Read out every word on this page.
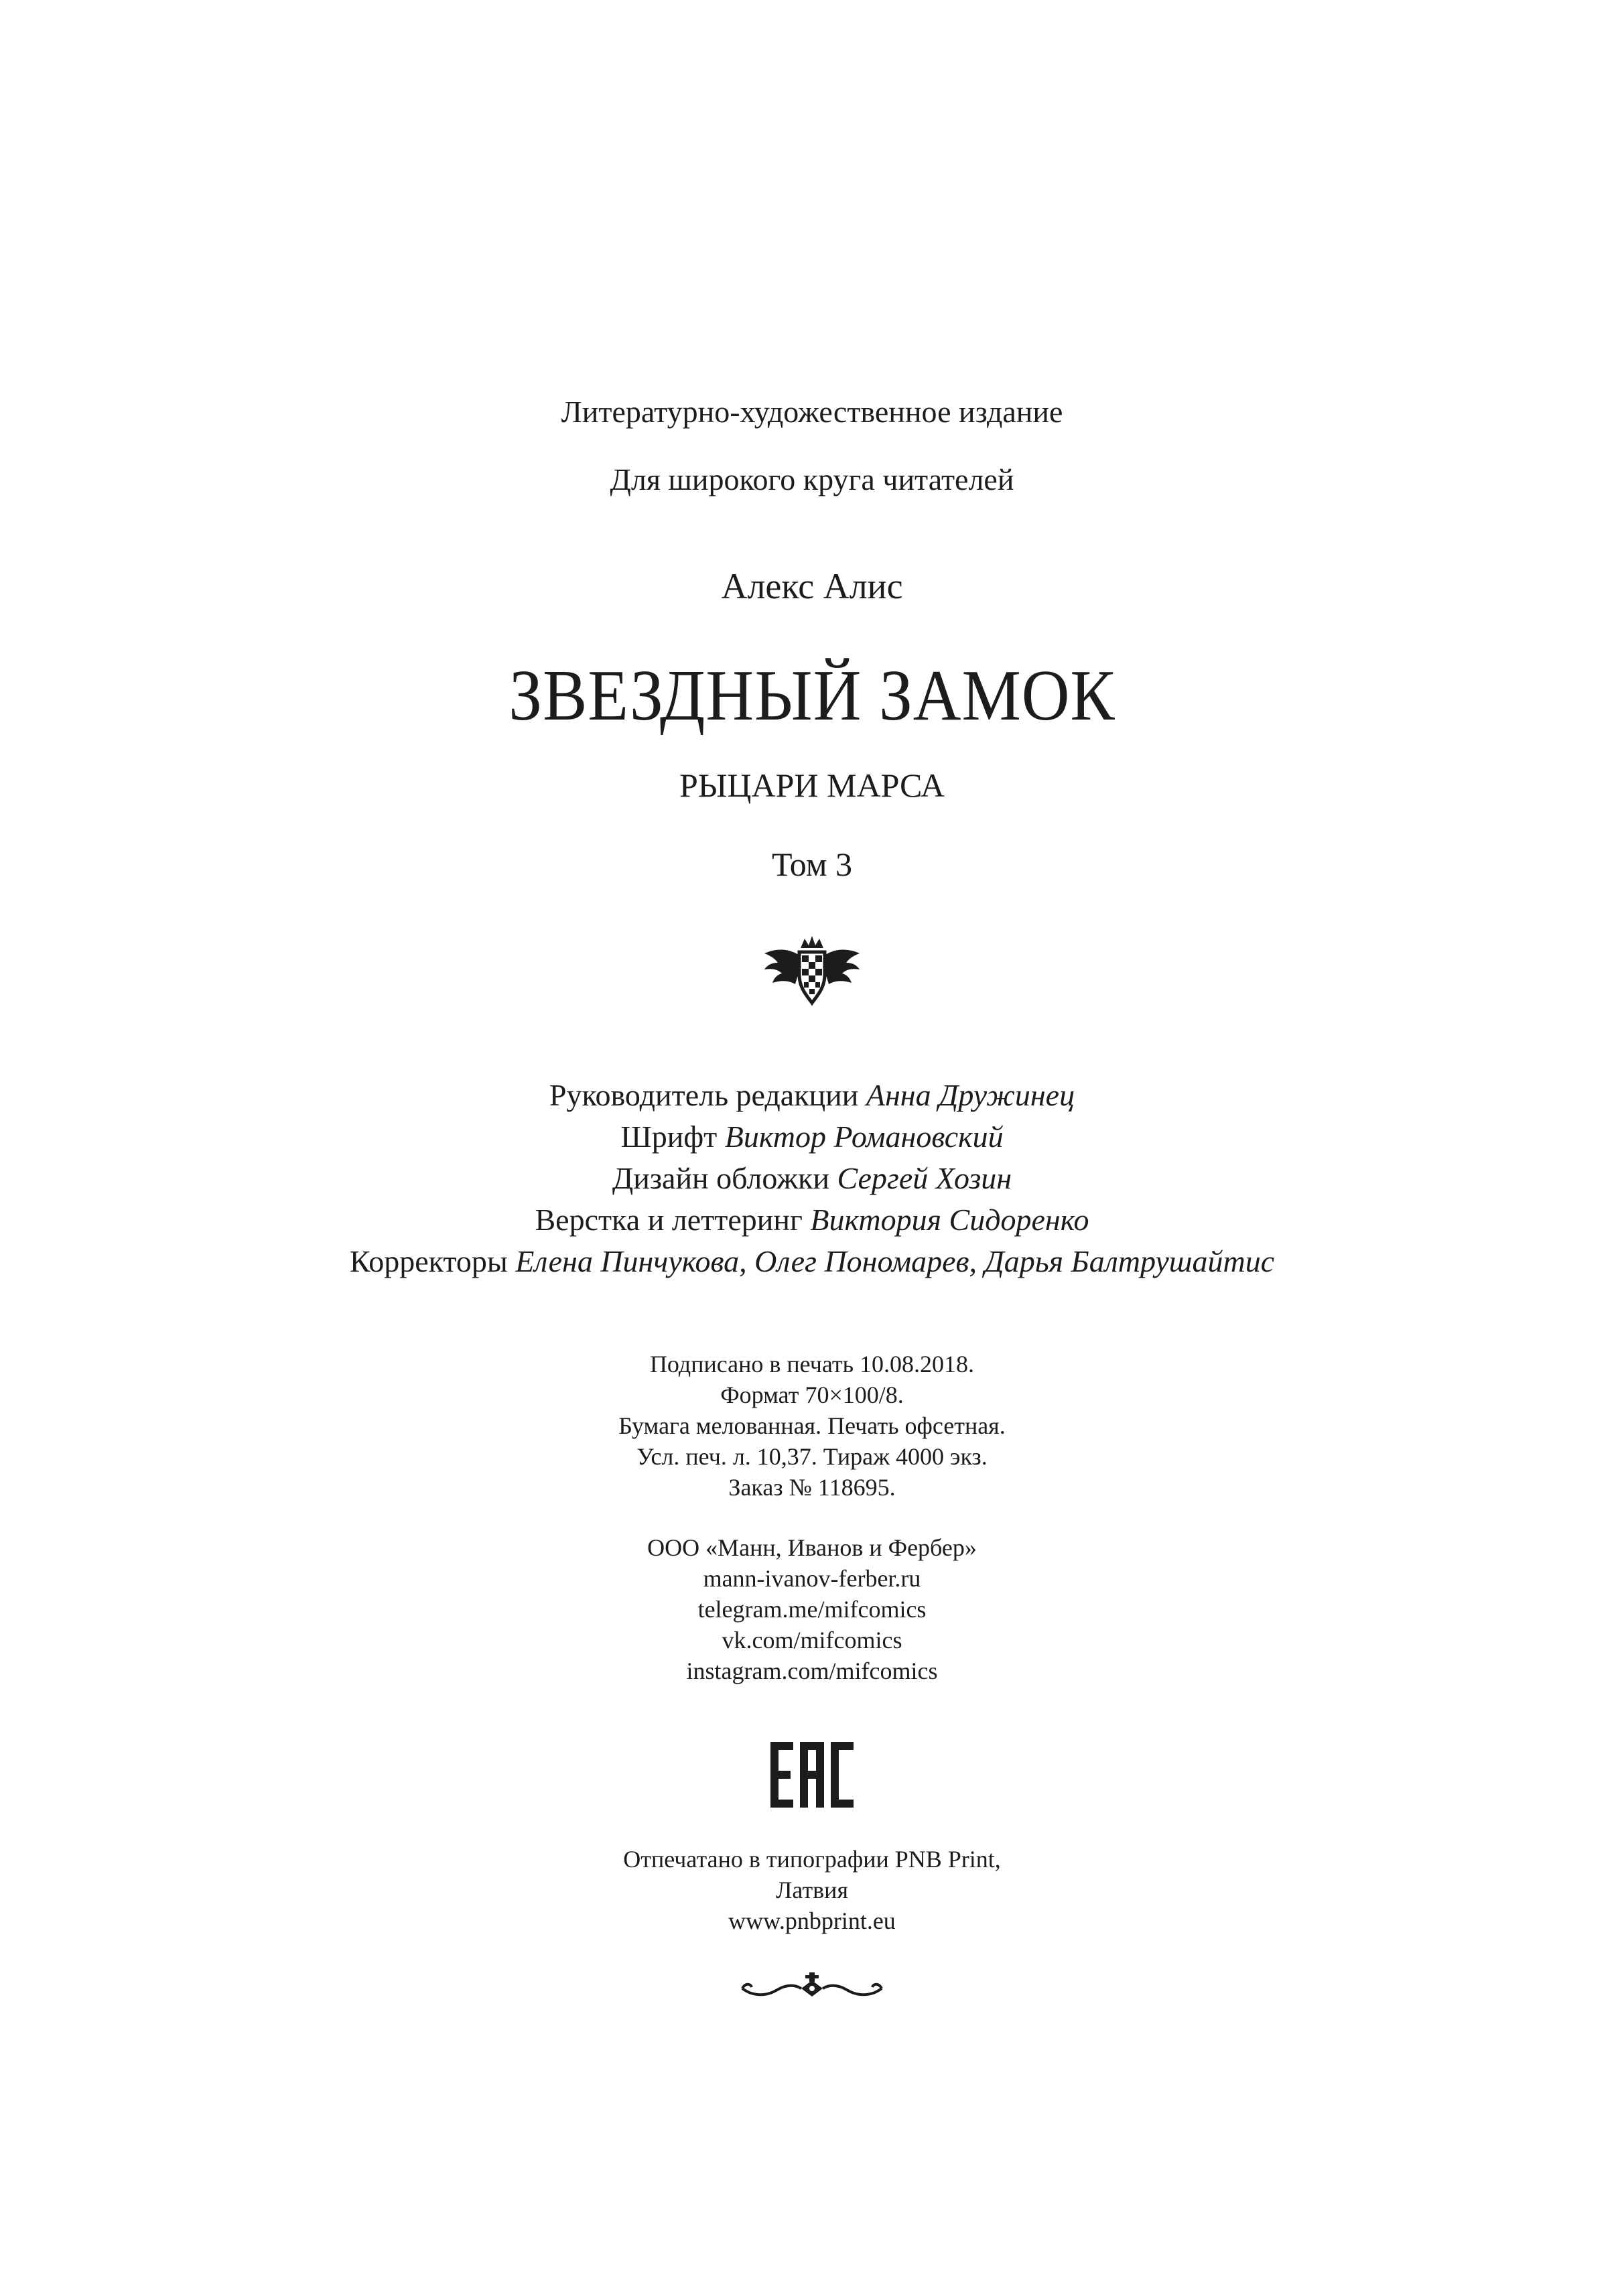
Литературно-художественное издание
Для широкого круга читателей
Алекс Алис
ЗВЕЗДНЫЙ ЗАМОК
РЫЦАРИ МАРСА
Том 3
Руководитель редакции Анна Дружинец
Шрифт Виктор Романовский
Дизайн обложки Сергей Хозин
Верстка и леттеринг Виктория Сидоренко
Корректоры Елена Пинчукова, Олег Пономарев, Дарья Балтрушайтис
Подписано в печать 10.08.2018.
Формат 70×100/8.
Бумага мелованная. Печать офсетная.
Усл. печ. л. 10,37. Тираж 4000 экз.
Заказ № 118695.
ООО «Манн, Иванов и Фербер»
mann-ivanov-ferber.ru
telegram.me/mifcomics
vk.com/mifcomics
instagram.com/mifcomics
Отпечатано в типографии PNB Print,
Латвия
www.pnbprint.eu
